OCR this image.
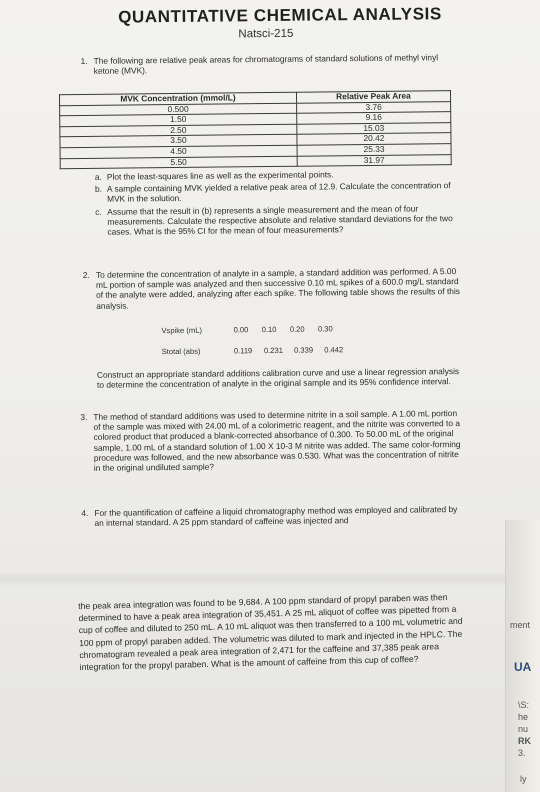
QUANTITATIVE CHEMICAL ANALYSIS
Natsci-215
1. The following are relative peak areas for chromatograms of standard solutions of methyl vinyl ketone (MVK).
MVK Concentration (mmol/L)	Relative Peak Area
0.500	3.76
1.50	9.16
2.50	15.03
3.50	20.42
4.50	25.33
5.50	31.97
a. Plot the least-squares line as well as the experimental points.
b. A sample containing MVK yielded a relative peak area of 12.9. Calculate the concentration of MVK in the solution.
c. Assume that the result in (b) represents a single measurement and the mean of four measurements. Calculate the respective absolute and relative standard deviations for the two cases. What is the 95% CI for the mean of four measurements?
2. To determine the concentration of analyte in a sample, a standard addition was performed. A 5.00 mL portion of sample was analyzed and then successive 0.10 mL spikes of a 600.0 mg/L standard of the analyte were added, analyzing after each spike. The following table shows the results of this analysis.
Vspike (mL)	0.00 0.10 0.20 0.30
Stotal (abs)	0.119 0.231 0.339 0.442
Construct an appropriate standard additions calibration curve and use a linear regression analysis to determine the concentration of analyte in the original sample and its 95% confidence interval.
3. The method of standard additions was used to determine nitrite in a soil sample. A 1.00 mL portion of the sample was mixed with 24.00 mL of a colorimetric reagent, and the nitrite was converted to a colored product that produced a blank-corrected absorbance of 0.300. To 50.00 mL of the original sample, 1.00 mL of a standard solution of 1.00 X 10-3 M nitrite was added. The same color-forming procedure was followed, and the new absorbance was 0.530. What was the concentration of nitrite in the original undiluted sample?
4. For the quantification of caffeine a liquid chromatography method was employed and calibrated by an internal standard. A 25 ppm standard of caffeine was injected and
the peak area integration was found to be 9,684. A 100 ppm standard of propyl paraben was then determined to have a peak area integration of 35,451. A 25 mL aliquot of coffee was pipetted from a cup of coffee and diluted to 250 mL. A 10 mL aliquot was then transferred to a 100 mL volumetric and 100 ppm of propyl paraben added. The volumetric was diluted to mark and injected in the HPLC. The chromatogram revealed a peak area integration of 2,471 for the caffeine and 37,385 peak area integration for the propyl paraben. What is the amount of caffeine from this cup of coffee?
ment
UA
\S:
he
nu
RK
3.
ly
